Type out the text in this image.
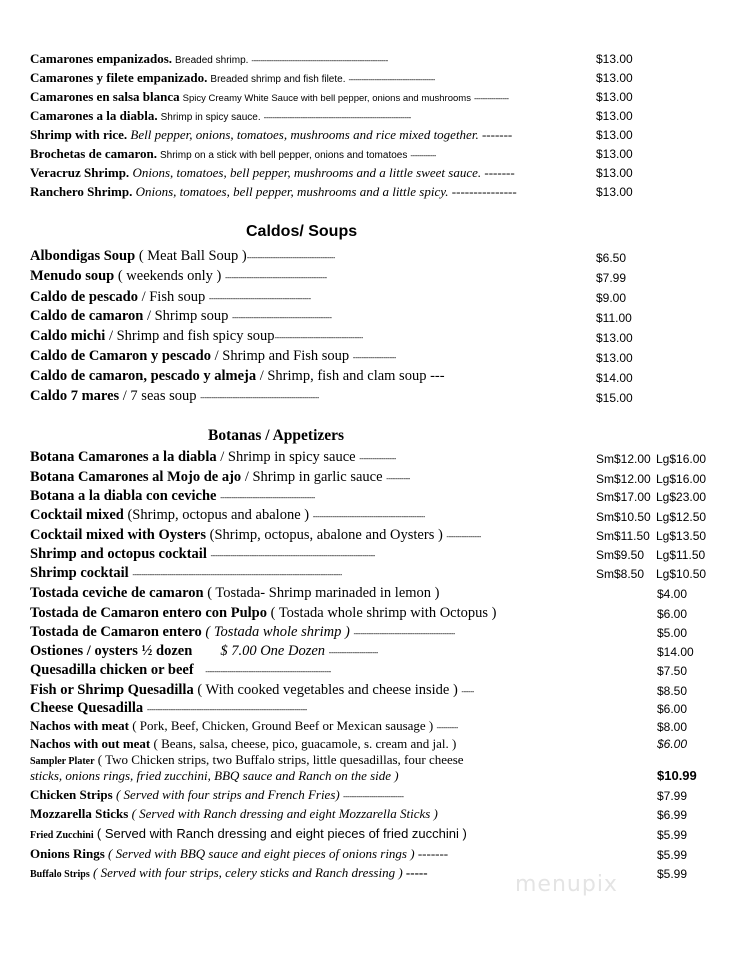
Camarones empanizados. Breaded shrimp. ---------------------------------------------------------------	$13.00
Camarones y filete empanizado. Breaded shrimp and fish filete. ----------------------------------------	$13.00
Camarones en salsa blanca Spicy Creamy White Sauce with bell pepper, onions and mushrooms ----------------	$13.00
Camarones a la diabla. Shrimp in spicy sauce. --------------------------------------------------------------------	$13.00
Shrimp with rice. Bell pepper, onions, tomatoes, mushrooms and rice mixed together. -------	$13.00
Brochetas de camaron. Shrimp on a stick with bell pepper, onions and tomatoes ------------	$13.00
Veracruz Shrimp. Onions, tomatoes, bell pepper, mushrooms and a little sweet sauce. -------	$13.00
Ranchero Shrimp. Onions, tomatoes, bell pepper, mushrooms and a little spicy. ---------------	$13.00
Caldos/ Soups
Albondigas Soup ( Meat Ball Soup )-----------------------------------------	$6.50
Menudo soup ( weekends only ) -----------------------------------------------	$7.99
Caldo de pescado / Fish soup -----------------------------------------------	$9.00
Caldo de camaron / Shrimp soup ----------------------------------------------	$11.00
Caldo michi / Shrimp and fish spicy soup-----------------------------------------	$13.00
Caldo de Camaron y pescado / Shrimp and Fish soup --------------------	$13.00
Caldo de camaron, pescado y almeja / Shrimp, fish and clam soup ---	$14.00
Caldo 7 mares / 7 seas soup -------------------------------------------------------	$15.00
Botanas / Appetizers
Botana Camarones a la diabla / Shrimp in spicy sauce -----------------	Sm$12.00 Lg$16.00
Botana Camarones al Mojo de ajo / Shrimp in garlic sauce -----------	Sm$12.00 Lg$16.00
Botana a la diabla con ceviche --------------------------------------------	Sm$17.00 Lg$23.00
Cocktail mixed (Shrimp, octopus and abalone ) ----------------------------------------------------	Sm$10.50 Lg$12.50
Cocktail mixed with Oysters (Shrimp, octopus, abalone and Oysters ) ----------------	Sm$11.50 Lg$13.50
Shrimp and octopus cocktail ----------------------------------------------------------------------------	Sm$9.50 Lg$11.50
Shrimp cocktail -------------------------------------------------------------------------------------------------	Sm$8.50 Lg$10.50
Tostada ceviche de camaron ( Tostada- Shrimp marinaded in lemon )	$4.00
Tostada de Camaron entero con Pulpo ( Tostada whole shrimp with Octopus )	$6.00
Tostada de Camaron entero ( Tostada whole shrimp ) -----------------------------------------------	$5.00
Ostiones / oysters ½ dozen $ 7.00 One Dozen -----------------------	$14.00
Quesadilla chicken or beef ----------------------------------------------------------	$7.50
Fish or Shrimp Quesadilla ( With cooked vegetables and cheese inside ) ------	$8.50
Cheese Quesadilla --------------------------------------------------------------------------	$6.00
Nachos with meat ( Pork, Beef, Chicken, Ground Beef or Mexican sausage ) ----------	$8.00
Nachos with out meat ( Beans, salsa, cheese, pico, guacamole, s. cream and jal. )	$6.00
Sampler Plater ( Two Chicken strips, two Buffalo strips, little quesadillas, four cheese
sticks, onions rings, fried zucchini, BBQ sauce and Ranch on the side )	$10.99
Chicken Strips ( Served with four strips and French Fries) ----------------------------	$7.99
Mozzarella Sticks ( Served with Ranch dressing and eight Mozzarella Sticks )	$6.99
Fried Zucchini ( Served with Ranch dressing and eight pieces of fried zucchini )	$5.99
Onions Rings ( Served with BBQ sauce and eight pieces of onions rings ) -------	$5.99
Buffalo Strips ( Served with four strips, celery sticks and Ranch dressing ) -----	$5.99
menupix
